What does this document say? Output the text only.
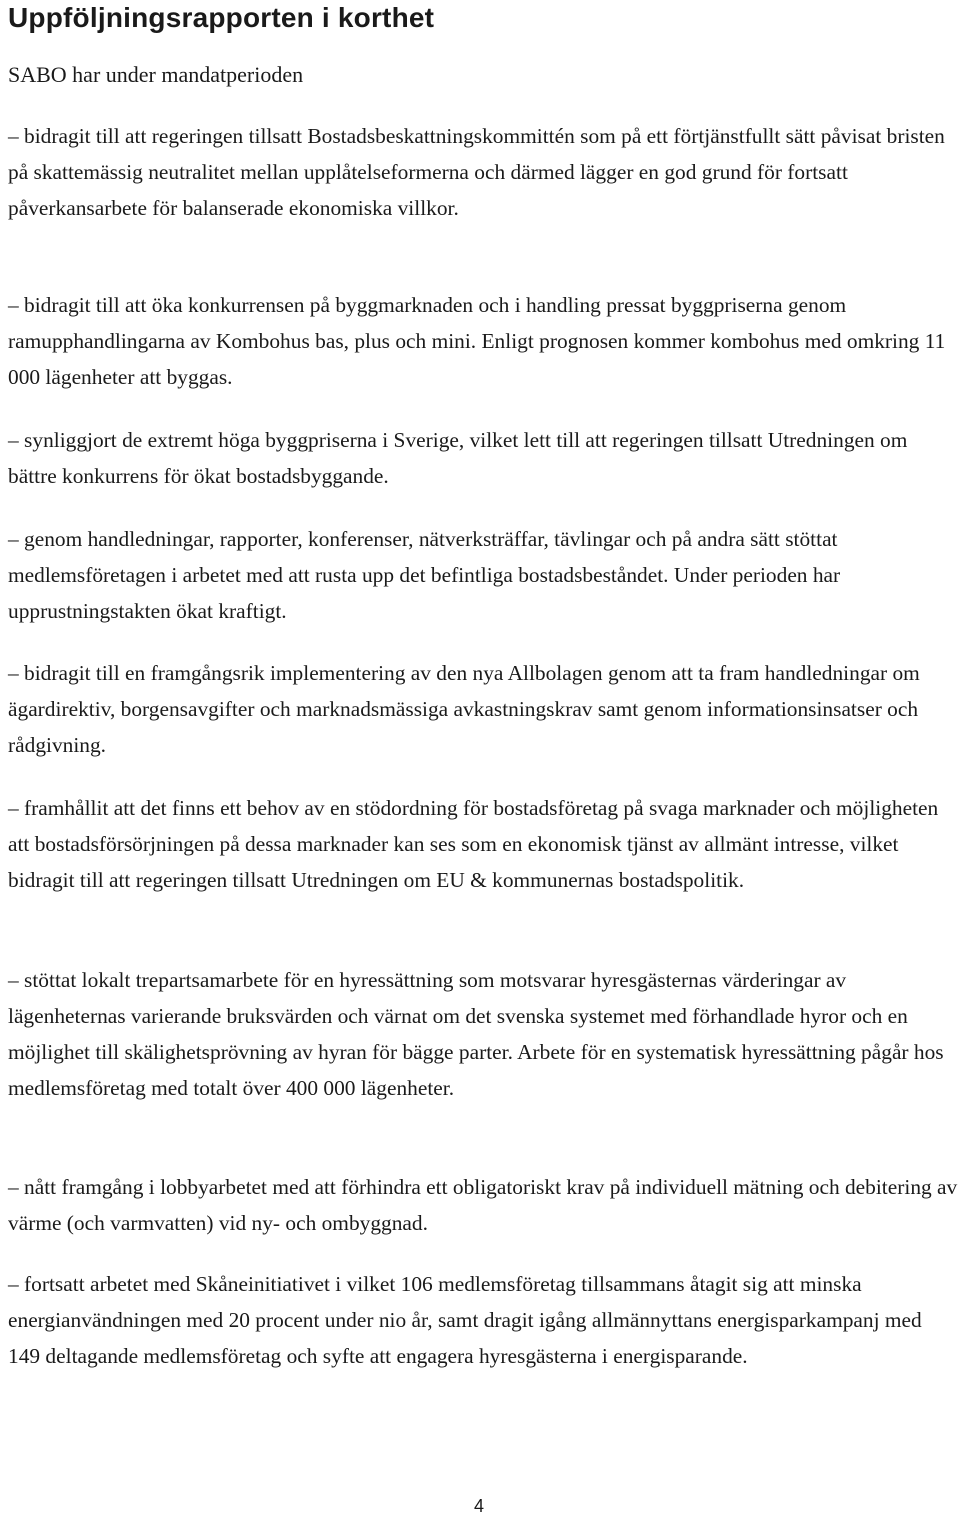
Uppföljningsrapporten i korthet

SABO har under mandatperioden

– bidragit till att regeringen tillsatt Bostadsbeskattningskommittén som på ett förtjänstfullt sätt påvisat bristen på skattemässig neutralitet mellan upplåtelseformerna och därmed lägger en god grund för fortsatt påverkansarbete för balanserade ekonomiska villkor.

– bidragit till att öka konkurrensen på byggmarknaden och i handling pressat byggpriserna genom ramupphandlingarna av Kombohus bas, plus och mini. Enligt prognosen kommer kombohus med omkring 11 000 lägenheter att byggas.

– synliggjort de extremt höga byggpriserna i Sverige, vilket lett till att regeringen tillsatt Utredningen om bättre konkurrens för ökat bostadsbyggande.

– genom handledningar, rapporter, konferenser, nätverksträffar, tävlingar och på andra sätt stöttat medlemsföretagen i arbetet med att rusta upp det befintliga bostadsbeståndet. Under perioden har upprustningstakten ökat kraftigt.

– bidragit till en framgångsrik implementering av den nya Allbolagen genom att ta fram handledningar om ägardirektiv, borgensavgifter och marknadsmässiga avkastningskrav samt genom informationsinsatser och rådgivning.

– framhållit att det finns ett behov av en stödordning för bostadsföretag på svaga marknader och möjligheten att bostadsförsörjningen på dessa marknader kan ses som en ekonomisk tjänst av allmänt intresse, vilket bidragit till att regeringen tillsatt Utredningen om EU & kommunernas bostadspolitik.

– stöttat lokalt trepartsamarbete för en hyressättning som motsvarar hyresgästernas värderingar av lägenheternas varierande bruksvärden och värnat om det svenska systemet med förhandlade hyror och en möjlighet till skälighetsprövning av hyran för bägge parter. Arbete för en systematisk hyressättning pågår hos medlemsföretag med totalt över 400 000 lägenheter.

– nått framgång i lobbyarbetet med att förhindra ett obligatoriskt krav på individuell mätning och debitering av värme (och varmvatten) vid ny- och ombyggnad.

– fortsatt arbetet med Skåneinitiativet i vilket 106 medlemsföretag tillsammans åtagit sig att minska energianvändningen med 20 procent under nio år, samt dragit igång allmännyttans energisparkampanj med 149 deltagande medlemsföretag och syfte att engagera hyresgästerna i energisparande.

4
